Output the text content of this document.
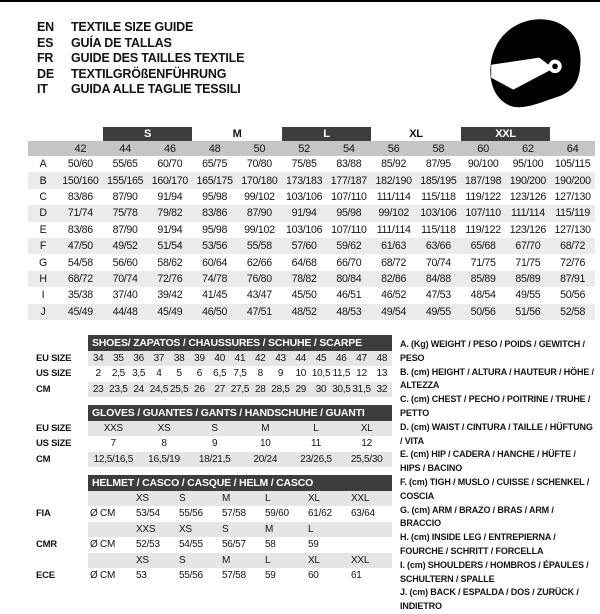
EN	TEXTILE SIZE GUIDE
ES	GUÍA DE TALLAS
FR	GUIDE DES TAILLES TEXTILE
DE	TEXTILGRÖßENFÜHRUNG
IT	GUIDA ALLE TAGLIE TESSILI
		S		M		L		XL		XXL		
	42	44	46	48	50	52	54	56	58	60	62	64
A	50/60	55/65	60/70	65/75	70/80	75/85	83/88	85/92	87/95	90/100	95/100	105/115
B	150/160	155/165	160/170	165/175	170/180	173/183	177/187	182/190	185/195	187/198	190/200	190/200
C	83/86	87/90	91/94	95/98	99/102	103/106	107/110	111/114	115/118	119/122	123/126	127/130
D	71/74	75/78	79/82	83/86	87/90	91/94	95/98	99/102	103/106	107/110	111/114	115/119
E	83/86	87/90	91/94	95/98	99/102	103/106	107/110	111/114	115/118	119/122	123/126	127/130
F	47/50	49/52	51/54	53/56	55/58	57/60	59/62	61/63	63/66	65/68	67/70	68/72
G	54/58	56/60	58/62	60/64	62/66	64/68	66/70	68/72	70/74	71/75	71/75	72/76
H	68/72	70/74	72/76	74/78	76/80	78/82	80/84	82/86	84/88	85/89	85/89	87/91
I	35/38	37/40	39/42	41/45	43/47	45/50	46/51	46/52	47/53	48/54	49/55	50/56
J	45/49	44/48	45/49	46/50	47/51	48/52	48/53	49/54	49/55	50/56	51/56	52/58
	SHOES/ ZAPATOS / CHAUSSURES / SCHUHE / SCARPE														
EU SIZE	34	35	36	37	38	39	40	41	42	43	44	45	46	47	48
US SIZE	2	2,5	3,5	4	5	6	6,5	7,5	8	9	10	10,5	11,5	12	13
CM	23	23,5	24	24,5	25,5	26	27	27,5	28	28,5	29	30	30,5	31,5	32
	GLOVES / GUANTES / GANTS / HANDSCHUHE / GUANTI					
EU SIZE	XXS	XS	S	M	L	XL
US SIZE	7	8	9	10	11	12
CM	12,5/16,5	16,5/19	18/21,5	20/24	23/26,5	25,5/30
	HELMET / CASCO / CASQUE / HELM / CASCO						
		XS	S	M	L	XL	XXL
FIA	Ø CM	53/54	55/56	57/58	59/60	61/62	63/64
		XXS	XS	S	M	L	
CMR	Ø CM	52/53	54/55	56/57	58	59	
		XS	S	M	L	XL	XXL
ECE	Ø CM	53	55/56	57/58	59	60	61
A. (Kg) WEIGHT / PESO / POIDS / GEWITCH / PESO
B. (cm) HEIGHT / ALTURA / HAUTEUR / HÖHE / ALTEZZA
C. (cm) CHEST / PECHO / POITRINE / TRUHE / PETTO
D. (cm) WAIST / CINTURA / TAILLE / HÜFTUNG / VITA
E. (cm) HIP / CADERA / HANCHE / HÜFTE / HIPS / BACINO
F. (cm) TIGH / MUSLO / CUISSE / SCHENKEL / COSCIA
G. (cm) ARM / BRAZO / BRAS / ARM / BRACCIO
H. (cm) INSIDE LEG / ENTREPIERNA / FOURCHE / SCHRITT / FORCELLA
I. (cm) SHOULDERS / HOMBROS / ÉPAULES / SCHULTERN / SPALLE
J. (cm) BACK / ESPALDA / DOS / ZURÜCK / INDIETRO
